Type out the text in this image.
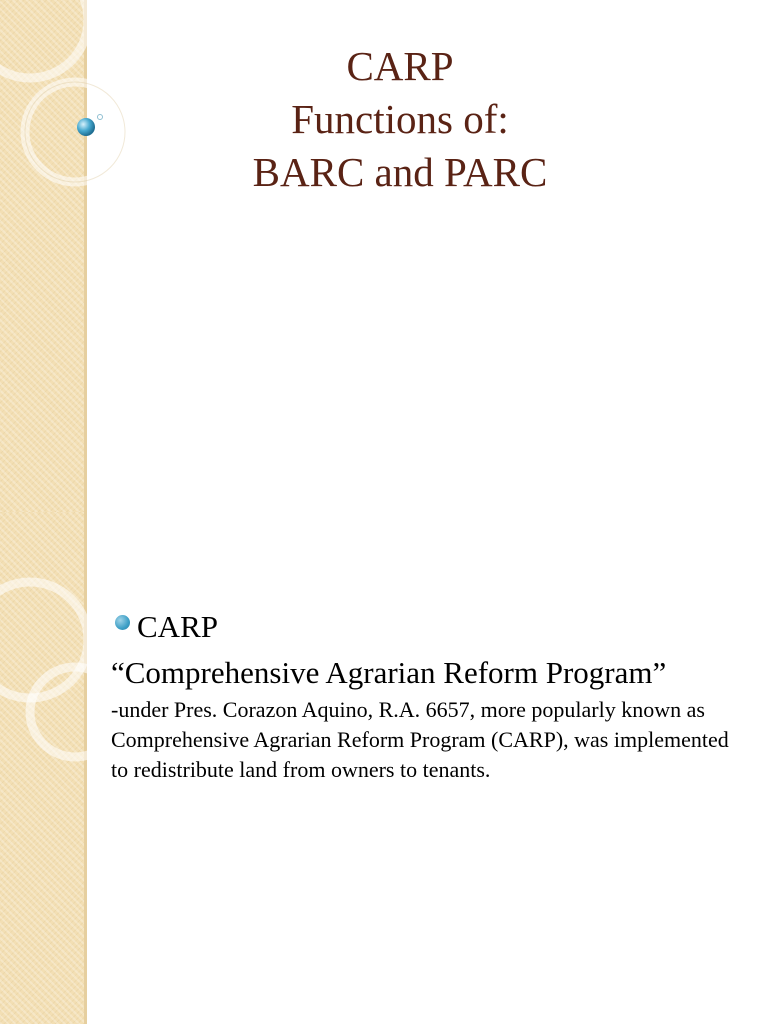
CARP
Functions of:
BARC and PARC
CARP
“Comprehensive Agrarian Reform Program”
-under Pres. Corazon Aquino, R.A. 6657, more popularly known as Comprehensive Agrarian Reform Program (CARP), was implemented to redistribute land from owners to tenants.
